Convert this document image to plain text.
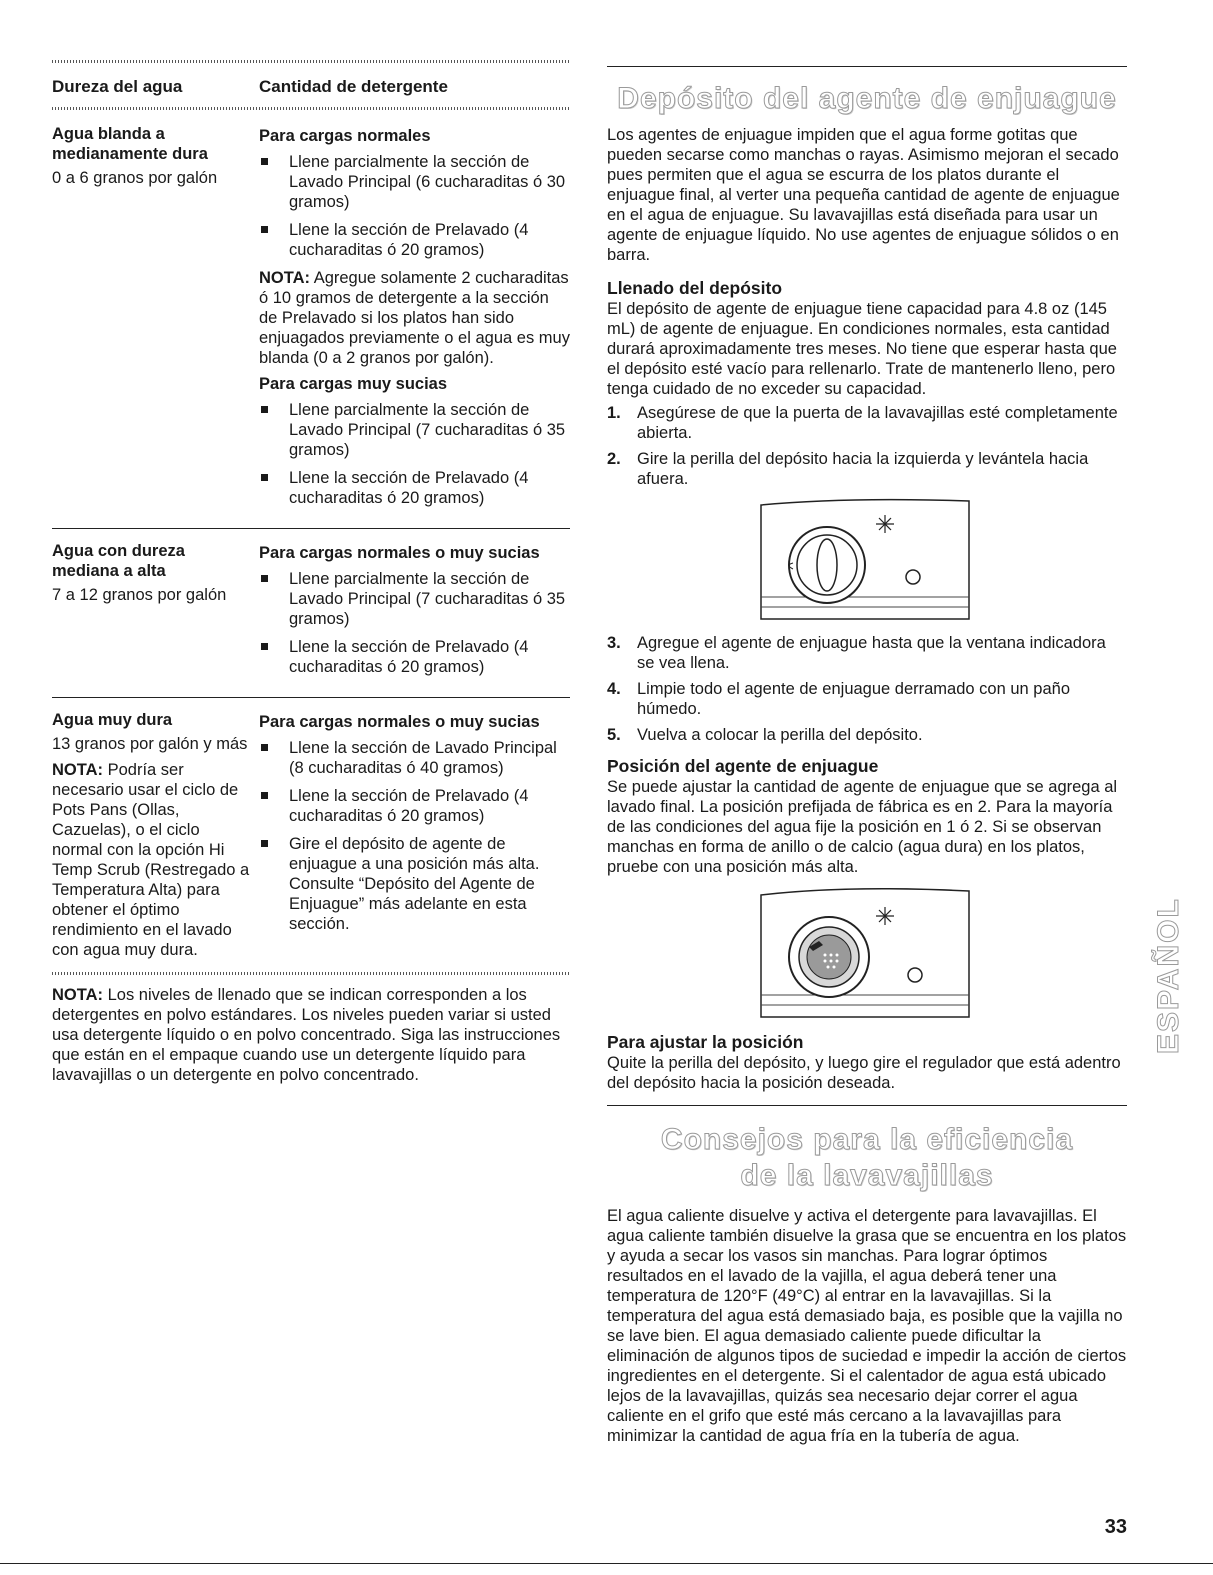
Dureza del agua	Cantidad de detergente
Agua blanda a medianamente dura
0 a 6 granos por galón
Para cargas normales
Llene parcialmente la sección de Lavado Principal (6 cucharaditas ó 30 gramos)
Llene la sección de Prelavado (4 cucharaditas ó 20 gramos)
NOTA: Agregue solamente 2 cucharaditas ó 10 gramos de detergente a la sección de Prelavado si los platos han sido enjuagados previamente o el agua es muy blanda (0 a 2 granos por galón).
Para cargas muy sucias
Llene parcialmente la sección de Lavado Principal (7 cucharaditas ó 35 gramos)
Llene la sección de Prelavado (4 cucharaditas ó 20 gramos)
Agua con dureza mediana a alta
7 a 12 granos por galón
Para cargas normales o muy sucias
Llene parcialmente la sección de Lavado Principal (7 cucharaditas ó 35 gramos)
Llene la sección de Prelavado (4 cucharaditas ó 20 gramos)
Agua muy dura
13 granos por galón y más
NOTA: Podría ser necesario usar el ciclo de Pots Pans (Ollas, Cazuelas), o el ciclo normal con la opción Hi Temp Scrub (Restregado a Temperatura Alta) para obtener el óptimo rendimiento en el lavado con agua muy dura.
Para cargas normales o muy sucias
Llene la sección de Lavado Principal (8 cucharaditas ó 40 gramos)
Llene la sección de Prelavado (4 cucharaditas ó 20 gramos)
Gire el depósito de agente de enjuague a una posición más alta. Consulte “Depósito del Agente de Enjuague” más adelante en esta sección.
NOTA: Los niveles de llenado que se indican corresponden a los detergentes en polvo estándares. Los niveles pueden variar si usted usa detergente líquido o en polvo concentrado. Siga las instrucciones que están en el empaque cuando use un detergente líquido para lavavajillas o un detergente en polvo concentrado.
Depósito del agente de enjuague
Los agentes de enjuague impiden que el agua forme gotitas que pueden secarse como manchas o rayas. Asimismo mejoran el secado pues permiten que el agua se escurra de los platos durante el enjuague final, al verter una pequeña cantidad de agente de enjuague en el agua de enjuague. Su lavavajillas está diseñada para usar un agente de enjuague líquido. No use agentes de enjuague sólidos o en barra.
Llenado del depósito
El depósito de agente de enjuague tiene capacidad para 4.8 oz (145 mL) de agente de enjuague. En condiciones normales, esta cantidad durará aproximadamente tres meses. No tiene que esperar hasta que el depósito esté vacío para rellenarlo. Trate de mantenerlo lleno, pero tenga cuidado de no exceder su capacidad.
1. Asegúrese de que la puerta de la lavavajillas esté completamente abierta.
2. Gire la perilla del depósito hacia la izquierda y levántela hacia afuera.
3. Agregue el agente de enjuague hasta que la ventana indicadora se vea llena.
4. Limpie todo el agente de enjuague derramado con un paño húmedo.
5. Vuelva a colocar la perilla del depósito.
Posición del agente de enjuague
Se puede ajustar la cantidad de agente de enjuague que se agrega al lavado final. La posición prefijada de fábrica es en 2. Para la mayoría de las condiciones del agua fije la posición en 1 ó 2. Si se observan manchas en forma de anillo o de calcio (agua dura) en los platos, pruebe con una posición más alta.
Para ajustar la posición
Quite la perilla del depósito, y luego gire el regulador que está adentro del depósito hacia la posición deseada.
Consejos para la eficiencia
de la lavavajillas
El agua caliente disuelve y activa el detergente para lavavajillas. El agua caliente también disuelve la grasa que se encuentra en los platos y ayuda a secar los vasos sin manchas. Para lograr óptimos resultados en el lavado de la vajilla, el agua deberá tener una temperatura de 120°F (49°C) al entrar en la lavavajillas. Si la temperatura del agua está demasiado baja, es posible que la vajilla no se lave bien. El agua demasiado caliente puede dificultar la eliminación de algunos tipos de suciedad e impedir la acción de ciertos ingredientes en el detergente. Si el calentador de agua está ubicado lejos de la lavavajillas, quizás sea necesario dejar correr el agua caliente en el grifo que esté más cercano a la lavavajillas para minimizar la cantidad de agua fría en la tubería de agua.
ESPAÑOL
33
